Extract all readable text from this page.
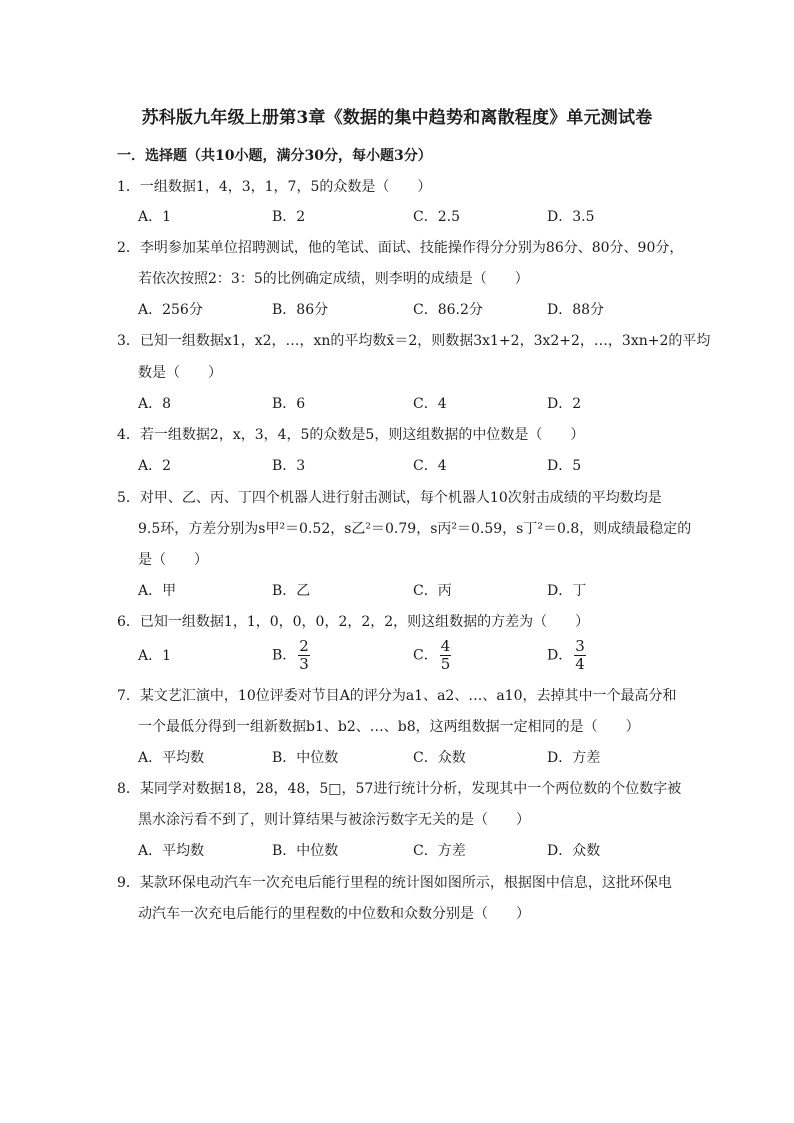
苏科版九年级上册第3章《数据的集中趋势和离散程度》单元测试卷
一．选择题（共10小题，满分30分，每小题3分）
1．一组数据1，4，3，1，7，5的众数是（　　）
A．1	B．2	C．2.5	D．3.5
2．李明参加某单位招聘测试，他的笔试、面试、技能操作得分分别为86分、80分、90分，
若依次按照2：3：5的比例确定成绩，则李明的成绩是（　　）
A．256分	B．86分	C．86.2分	D．88分
3．已知一组数据x1，x2，…，xn的平均数x̄＝2，则数据3x1+2，3x2+2，…，3xn+2的平均
数是（　　）
A．8	B．6	C．4	D．2
4．若一组数据2，x，3，4，5的众数是5，则这组数据的中位数是（　　）
A．2	B．3	C．4	D．5
5．对甲、乙、丙、丁四个机器人进行射击测试，每个机器人10次射击成绩的平均数均是
9.5环，方差分别为s甲²＝0.52，s乙²＝0.79，s丙²＝0.59，s丁²＝0.8，则成绩最稳定的
是（　　）
A．甲	B．乙	C．丙	D．丁
6．已知一组数据1，1，0，0，0，2，2，2，则这组数据的方差为（　　）
A．1	B． $\frac{2}{3}$	C． $\frac{4}{5}$	D． $\frac{3}{4}$
7．某文艺汇演中，10位评委对节目A的评分为a1、a2、…、a10，去掉其中一个最高分和
一个最低分得到一组新数据b1、b2、…、b8，这两组数据一定相同的是（　　）
A．平均数	B．中位数	C．众数	D．方差
8．某同学对数据18，28，48，5□，57进行统计分析，发现其中一个两位数的个位数字被
黑水涂污看不到了，则计算结果与被涂污数字无关的是（　　）
A．平均数	B．中位数	C．方差	D．众数
9．某款环保电动汽车一次充电后能行里程的统计图如图所示，根据图中信息，这批环保电
动汽车一次充电后能行的里程数的中位数和众数分别是（　　）
